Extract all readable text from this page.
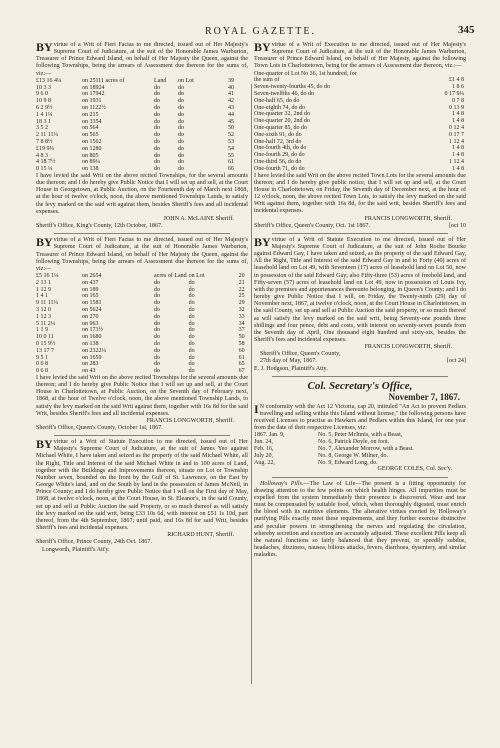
ROYAL GAZETTE.	345

BY virtue of a Writ of Fieri Facias to me directed, issued out of Her Majesty's Supreme Court of Judicature, at the suit of the Honorable James Warburton, Treasurer of Prince Edward Island, on behalf of Her Majesty the Queen, against the following Townships, being the arrears of Assessment due thereon for the sums of, viz:—

£13 16 4¼	on 25111 acres of	Land	on Lot	39
10 3 3	on 18924	do	do	40
9 6 0	on 17942	do	do	41
10 9 8	on 1931	do	do	42
6 2 9½	on 1122½	do	do	43
1 4 1¼	on 215	do	do	44
18 3 1	on 3354	do	do	45
3 5 2	on 564	do	do	50
2 11 11¼	on 565	do	do	52
7 8 8½	on 1562	do	do	53
£19 9¼	on 1280	do	do	54
4 8 3	on 805	do	do	55
4 18 7½	on 89¼	do	do	61
0 15 ¼	on 138	do	do	66

I have levied the said Writ on the above recited Townships, for the several amounts due thereon; and I do hereby give Public Notice that I will set up and sell, at the Court House in Georgetown, at Public Auction, on the Fourteenth day of March next 1868, at the hour of twelve o'clock, noon, the above mentioned Townships Lands, to satisfy the levy marked on the said writ against them, besides Sheriff's fees and all incidental expenses.

JOHN A. McLAINE Sheriff.

Sheriff's Office, King's County, 12th October, 1867.

BY virtue of a Writ of Fieri Facias to me directed, issued out of Her Majesty's Supreme Court of Judicature, at the suit of Honorable James Warburton, Treasurer of Prince Edward Island, on behalf of Her Majesty the Queen, against the following Townships, being the arrears of Assessment due thereon for the sums of, viz:—

£5 16 1¼	on 2654	acres of Land	on Lot	20
2 13 1	on 437	do	do	21
1 12 9	on 189	do	do	22
1 4 1	on 165	do	do	25
9 11 11¼	on 1581	do	do	29
3 12 0	on 5624	do	do	32
1 12 3	on 270	do	do	33
5 11 2¼	on 963	do	do	34
1 1 9	on 173½	do	do	37
10 0 11	on 1680	do	do	50
0 15 9½	on 138	do	do	58
13 17 7	on 2322¼	do	do	60
9 5 1	on 1659	do	do	61
0 6 8	on 283	do	do	65
0 6 8	on 43	do	do	67

I have levied the said Writ on the above recited Townships for the several amounts due thereon; and I do hereby give Public Notice that I will set up and sell, at the Court House in Charlottetown, at Public Auction, on the Seventh day of February next, 1868, at the hour of Twelve o'clock, noon, the above mentioned Township Lands, to satisfy the levy marked on the said Writ against them, together with 16s 8d for the said Writ, besides Sheriff's fees and all incidental expenses.

FRANCIS LONGWORTH, Sheriff.

Sheriff's Office, Queen's County, October 1st, 1867.

BY virtue of a Writ of Statute Execution to me directed, issued out of Her Majesty's Supreme Court of Judicature, at the suit of James Yeo against Michael White, I have taken and seized as the property of the said Michael White, all the Right, Title and Interest of the said Michael White in and to 100 acres of Land, together with the Buildings and Improvements thereon, situate on Lot or Township Number seven, bounded on the front by the Gulf of St. Lawrence, on the East by George White's land, and on the South by land in the possession of James McNeil, in Prince County; and I do hereby give Public Notice that I will on the First day of May, 1868, at twelve o'clock, noon, at the Court House, in St. Eleanor's, in the said County, set up and sell at Public Auction the said Property, or so much thereof as will satisfy the levy marked on the said writ, being £33 10s 6d, with interest on £51 1s 10d, part thereof, from the 4th September, 1867; until paid, and 16s 8d for said Writ, besides Sheriff's fees and incidental expenses.

RICHARD HUNT, Sheriff.

Sheriff's Office, Prince County, 24th Oct. 1867.

Longworth, Plaintiff's Att'y.

BY virtue of a Writ of Execution to me directed, issued out of Her Majesty's Supreme Court of Judicature, at the suit of the Honorable James Warburton, Treasurer of Prince Edward Island, on behalf of Her Majesty, against the following Town Lots in Charlottetown, being for the arrears of Assessment due thereon, viz.:—

One-quarter of Lot No 36, 1st hundred, for	
the sum of	£1 4 8
Seven-twenty-fourths 45, do do	1 8 6
Seven-twelfths 46, do do	0 17 9¼
One-half 65, do do	0 7 8
One-eighth 74, do do	0 13 9
One-quarter 32, 2nd do	1 4 8
One-quarter 20, 2nd do	1 4 8
One-quarter 85, do do	0 12 4
One-sixth 91, do do	0 17 7
One-half 72, 3rd do	1 12 4
One-fourth 4th, do do	1 4 8
One-fourth 29, do do	1 4 8
One-third 56, do do	1 12 4
One-fourth 71, do do	1 4 8

I have levied the said Writ on the above recited Town Lots for the several amounts due thereon; and I do hereby give public notice, that I will set up and sell, at the Court House in Charlottetown, on Friday, the Seventh day of December next, at the hour of 12 o'clock, noon, the above recited Town Lots, to satisfy the levy marked on the said Writ against them, together with 16s 8d, for the said writ, besides Sheriff's fees and incidental expenses.

FRANCIS LONGWORTH, Sheriff.

Sheriff's Office, Queen's County, Oct. 1st 1867.	[oct 10

BY virtue of a Writ of Statute Execution to me directed, issued out of Her Majesty's Supreme Court of Judicature, at the suit of John Roche Bourke against Edward Gay, I have taken and seized, as the property of the said Edward Gay, All the Right, Title and Interest of the said Edward Gay in and to Forty (40) acres of leasehold land on Lot 49, with Seventeen (17) acres of leasehold land on Lot 50, now in possession of the said Edward Gay; also Fifty-three (53) acres of freehold land, and Fifty-seven (57) acres of leasehold land on Lot 49, now in possession of Louis Ivy, with the premises and appurtenances thereunto belonging, in Queen's County; and I do hereby give Public Notice that I will, on Friday, the Twenty-ninth (29) day of November next, 1867, at twelve o'clock, noon, at the Court House in Charlottetown, in the said County, set up and sell at Public Auction the said property, or so much thereof as will satisfy the levy marked on the said writ, being Seventy-one pounds three shillings and four pence, debt and costs, with interest on seventy-seven pounds from the Seventh day of April, One thousand eight hundred and sixty-six, besides the Sheriff's fees and incidental expenses.

FRANCIS LONGWORTH, Sheriff.

Sheriff's Office, Queen's County,

27th day of May, 1867.	[oct 24]

E. J. Hodgson, Plaintiff's Atty.

Col. Secretary's Office,

November 7, 1867.

I N conformity with the Act 12 Victoria, cap 20, intituled "An Act to prevent Pedlars travelling and selling within this Island without license," the following persons have received Licenses to practise as Hawkers and Pedlars within this Island, for one year from the date of their respective Licenses, viz:

1867. Jan. 9,	No. 5, Peter McInnis, with a Beast,
Jun. 24,	No. 6, Patrick Doyle, on foot.
Feb. 16,	No. 7, Alexander Morrow, with a Beast.
July 20,	No. 8, George W. Milner, do.
Aug. 22,	No. 9, Edward Long, do.

GEORGE COLES, Col. Sec'y.

Holloway's Pills.—The Law of Life—The present is a fitting opportunity for drawing attention to the few points on which health hinges. All impurities must be expelled from the system immediately their presence is discovered. Wear and tear must be compensated by suitable food, which, when thoroughly digested, must enrich the blood with its nutritive elements. The alterative virtues exerted by Holloway's purifying Pills exactly meet these requirements, and they further exercise distinctive and peculiar powers in strengthening the nerves and regulating the circulation, whereby secretion and excretion are accurately adjusted. These excellent Pills keep all the natural functions so fairly balanced that they prevent, or speedily subdue, headaches, dizziness, nausea, bilious attacks, fevers, diarrhoea, dysentery, and similar maladies.
